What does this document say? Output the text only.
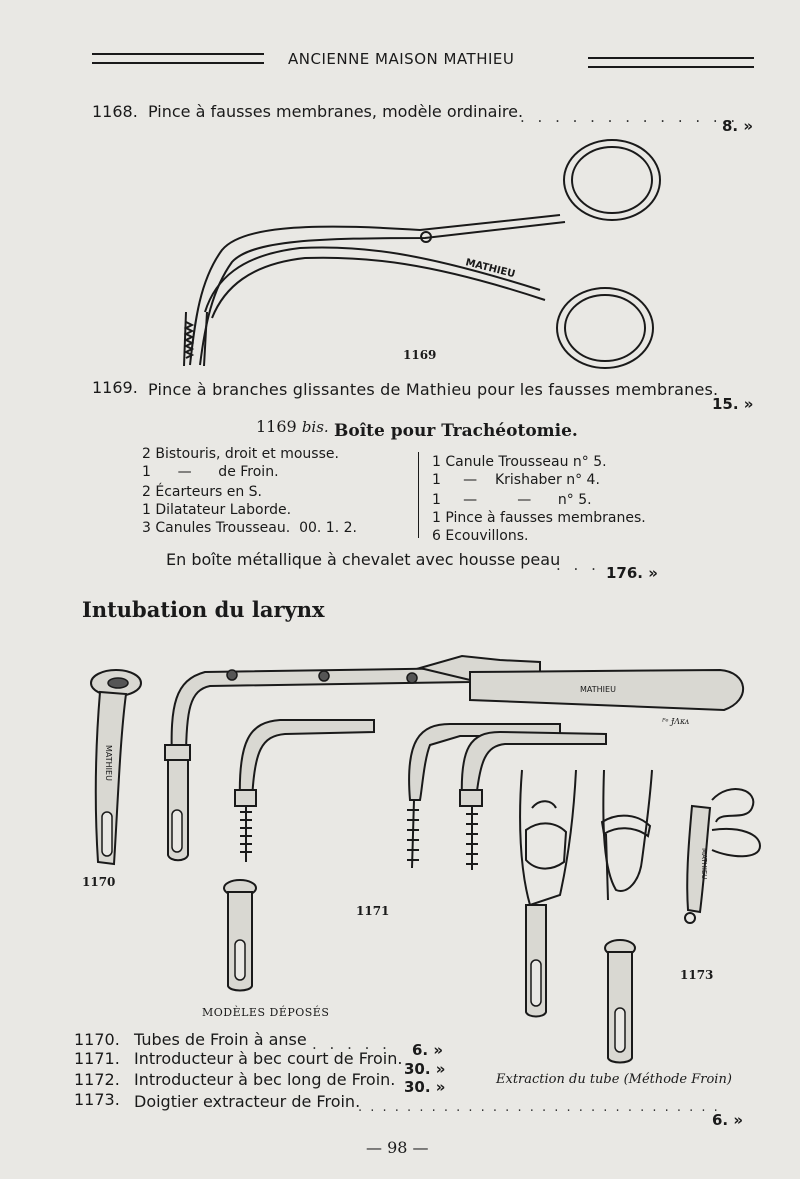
ANCIENNE MAISON MATHIEU
1168. Pince à fausses membranes, modèle ordinaire.
. . . . . . . . . . . . .
8. »
MATHIEU
1169
1169. Pince à branches glissantes de Mathieu pour les fausses membranes.
15. »
1169 bis. Boîte pour Trachéotomie.
2 Bistouris, droit et mousse.
1      —      de Froin.
2 Écarteurs en S.
1 Dilatateur Laborde.
3 Canules Trousseau.  00. 1. 2.
1 Canule Trousseau n° 5.
1     —    Krishaber n° 4.
1     —         —      n° 5.
1 Pince à fausses membranes.
6 Ecouvillons.
En boîte métallique à chevalet avec housse peau
. . . .
176. »
Intubation du larynx
MATHIEU
MATHIEU
ᴾᵉ ɈɅᴋᴧ
MATHIEU
1170
1171
1173
MODÈLES DÉPOSÉS
1170. Tubes de Froin à anse . . . . . 6. »
1171. Introducteur à bec court de Froin.
30. »
1172. Introducteur à bec long de Froin. 30. »	Extraction du tube (Méthode Froin)
1173. Doigtier extracteur de Froin.
. . . . . . . . . . . . . . . . . . . . . . . . . . . . . .
6. »
— 98 —
